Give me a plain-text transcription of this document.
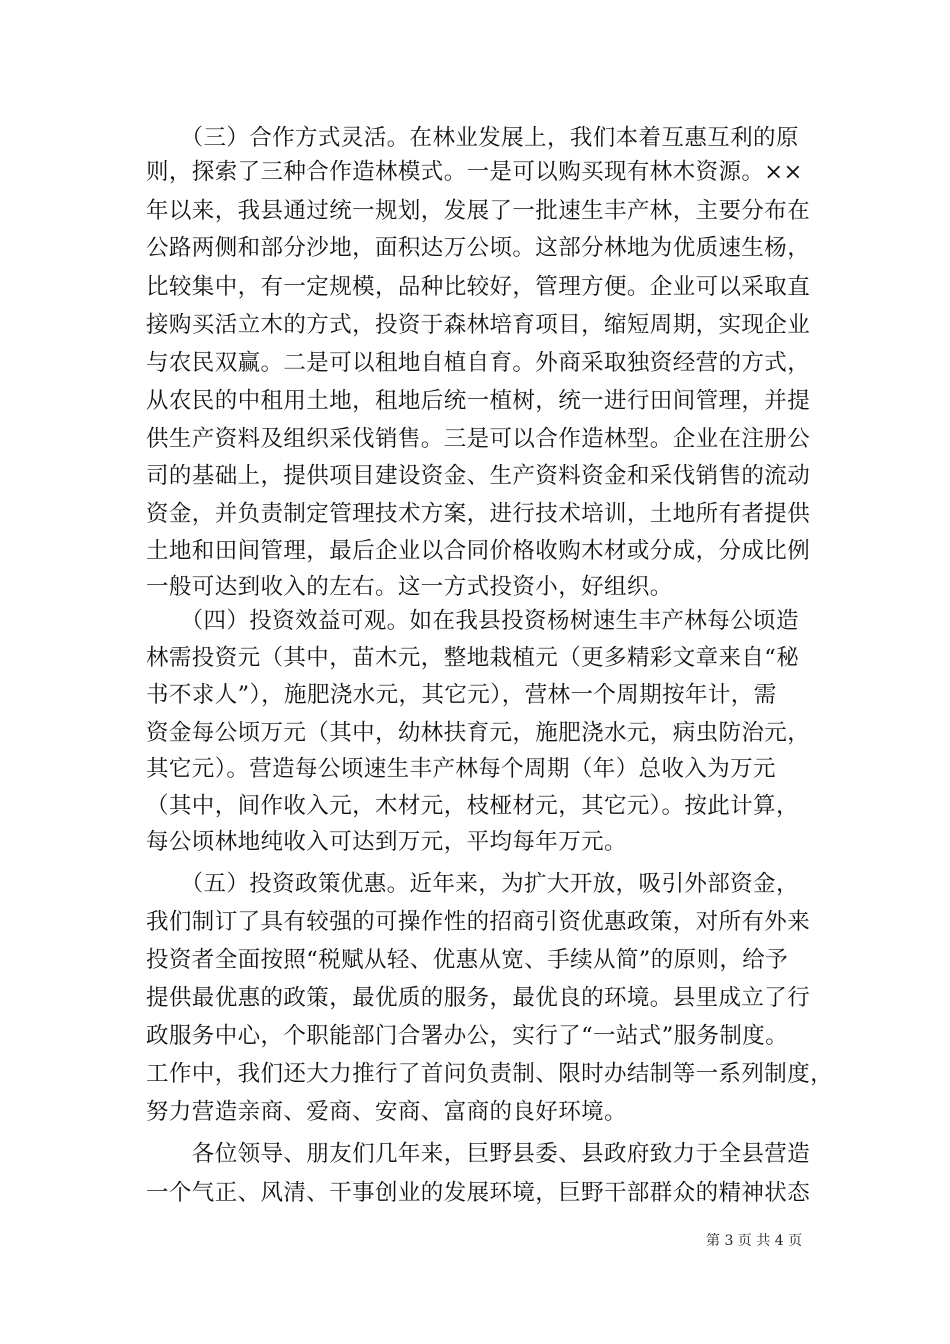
　　（三）合作方式灵活。在林业发展上，我们本着互惠互利的原
则，探索了三种合作造林模式。一是可以购买现有林木资源。××
年以来，我县通过统一规划，发展了一批速生丰产林，主要分布在
公路两侧和部分沙地，面积达万公顷。这部分林地为优质速生杨，
比较集中，有一定规模，品种比较好，管理方便。企业可以采取直
接购买活立木的方式，投资于森林培育项目，缩短周期，实现企业
与农民双赢。二是可以租地自植自育。外商采取独资经营的方式，
从农民的中租用土地，租地后统一植树，统一进行田间管理，并提
供生产资料及组织采伐销售。三是可以合作造林型。企业在注册公
司的基础上，提供项目建设资金、生产资料资金和采伐销售的流动
资金，并负责制定管理技术方案，进行技术培训，土地所有者提供
土地和田间管理，最后企业以合同价格收购木材或分成，分成比例
一般可达到收入的左右。这一方式投资小，好组织。
　　（四）投资效益可观。如在我县投资杨树速生丰产林每公顷造
林需投资元（其中，苗木元，整地栽植元（更多精彩文章来自“秘
书不求人”），施肥浇水元，其它元），营林一个周期按年计，需
资金每公顷万元（其中，幼林扶育元，施肥浇水元，病虫防治元，
其它元）。营造每公顷速生丰产林每个周期（年）总收入为万元
（其中，间作收入元，木材元，枝桠材元，其它元）。按此计算，
每公顷林地纯收入可达到万元，平均每年万元。
　　（五）投资政策优惠。近年来，为扩大开放，吸引外部资金，
我们制订了具有较强的可操作性的招商引资优惠政策，对所有外来
投资者全面按照“税赋从轻、优惠从宽、手续从简”的原则，给予
提供最优惠的政策，最优质的服务，最优良的环境。县里成立了行
政服务中心，个职能部门合署办公，实行了“一站式”服务制度。
工作中，我们还大力推行了首问负责制、限时办结制等一系列制度，
努力营造亲商、爱商、安商、富商的良好环境。
　　各位领导、朋友们几年来，巨野县委、县政府致力于全县营造
一个气正、风清、干事创业的发展环境，巨野干部群众的精神状态
第 3 页 共 4 页
